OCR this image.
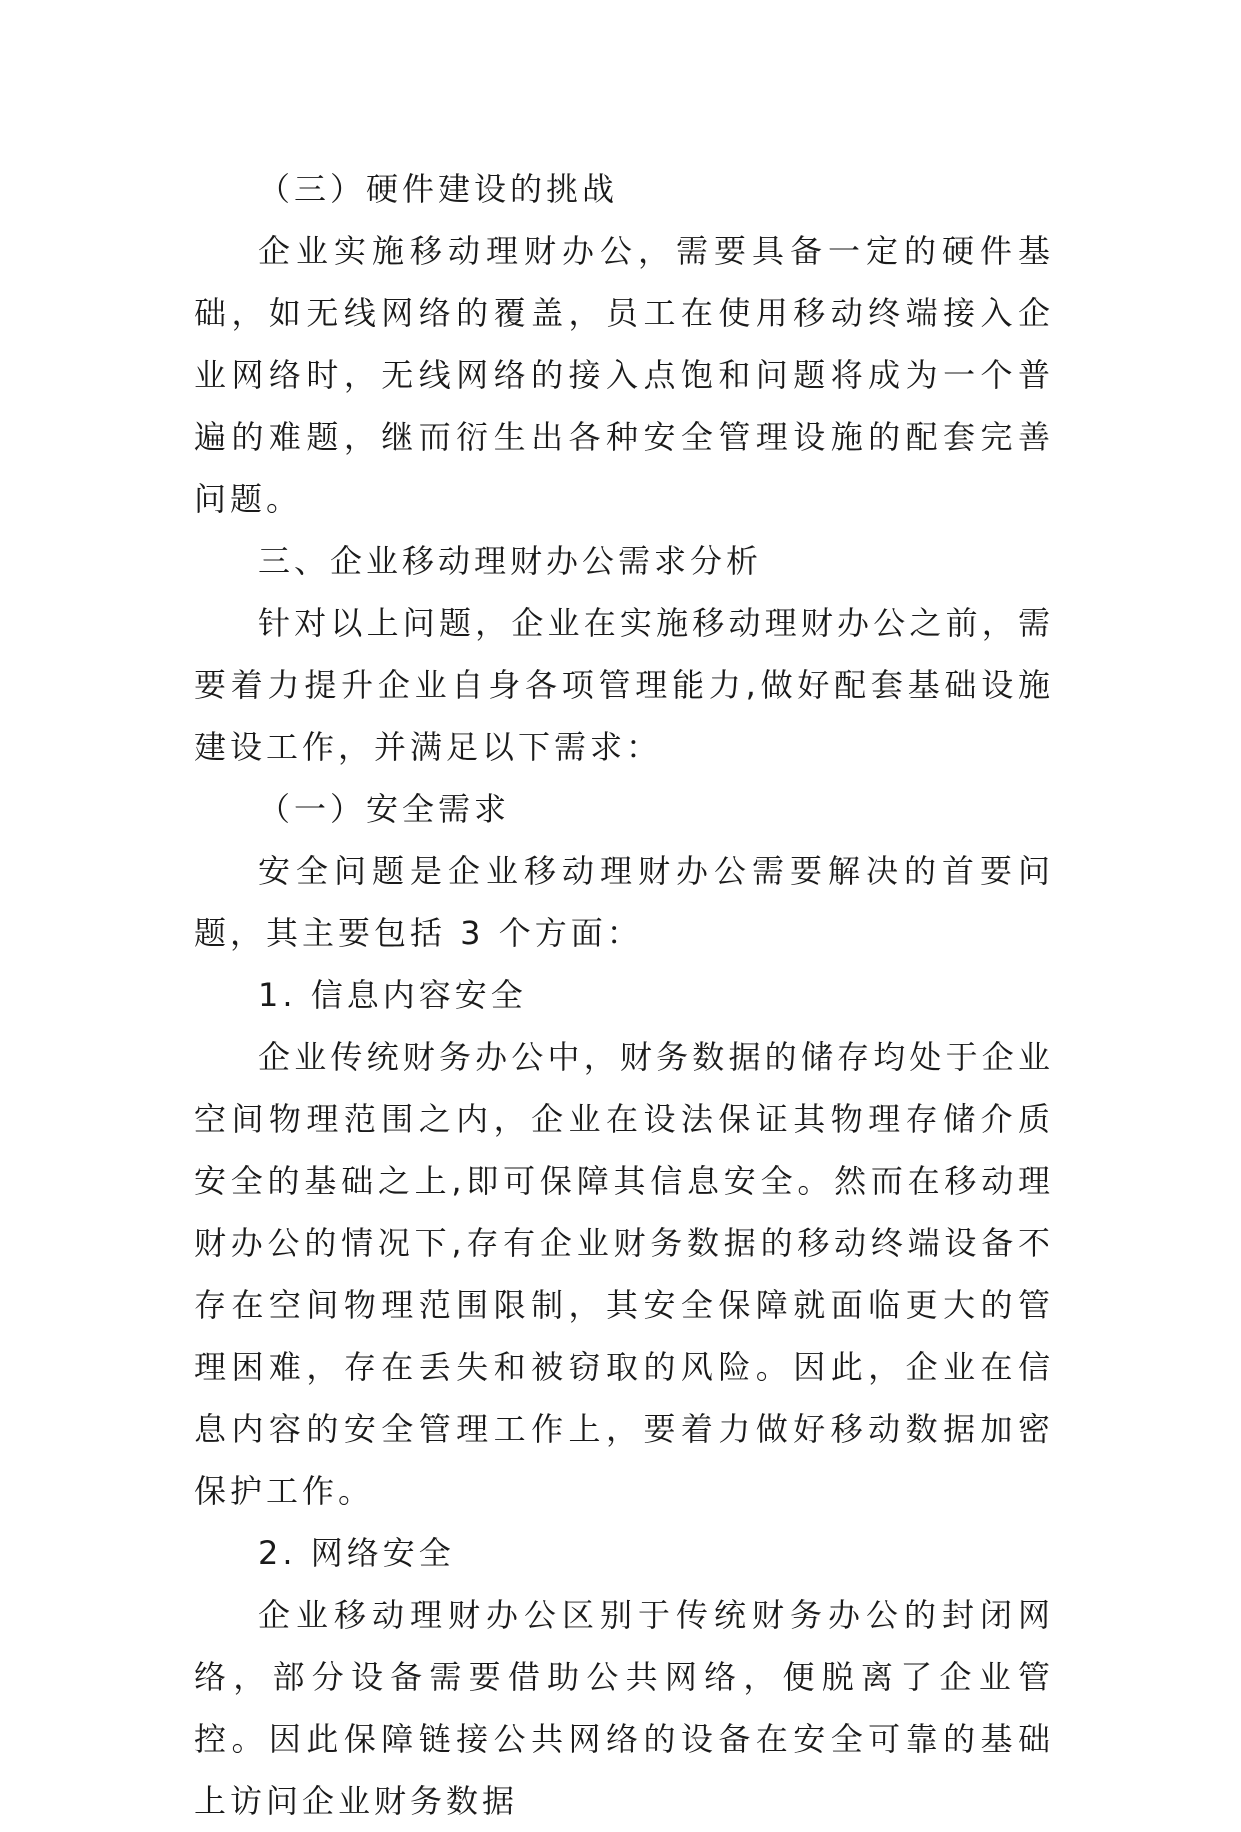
（三）硬件建设的挑战

企业实施移动理财办公，需要具备一定的硬件基础，如无线网络的覆盖，员工在使用移动终端接入企业网络时，无线网络的接入点饱和问题将成为一个普遍的难题，继而衍生出各种安全管理设施的配套完善问题。

三、企业移动理财办公需求分析

针对以上问题，企业在实施移动理财办公之前，需要着力提升企业自身各项管理能力,做好配套基础设施建设工作，并满足以下需求：

（一）安全需求

安全问题是企业移动理财办公需要解决的首要问题，其主要包括 3 个方面：

1. 信息内容安全

企业传统财务办公中，财务数据的储存均处于企业空间物理范围之内，企业在设法保证其物理存储介质安全的基础之上,即可保障其信息安全。然而在移动理财办公的情况下,存有企业财务数据的移动终端设备不存在空间物理范围限制，其安全保障就面临更大的管理困难，存在丢失和被窃取的风险。因此，企业在信息内容的安全管理工作上，要着力做好移动数据加密保护工作。

2. 网络安全

企业移动理财办公区别于传统财务办公的封闭网络，部分设备需要借助公共网络，便脱离了企业管控。因此保障链接公共网络的设备在安全可靠的基础上访问企业财务数据
